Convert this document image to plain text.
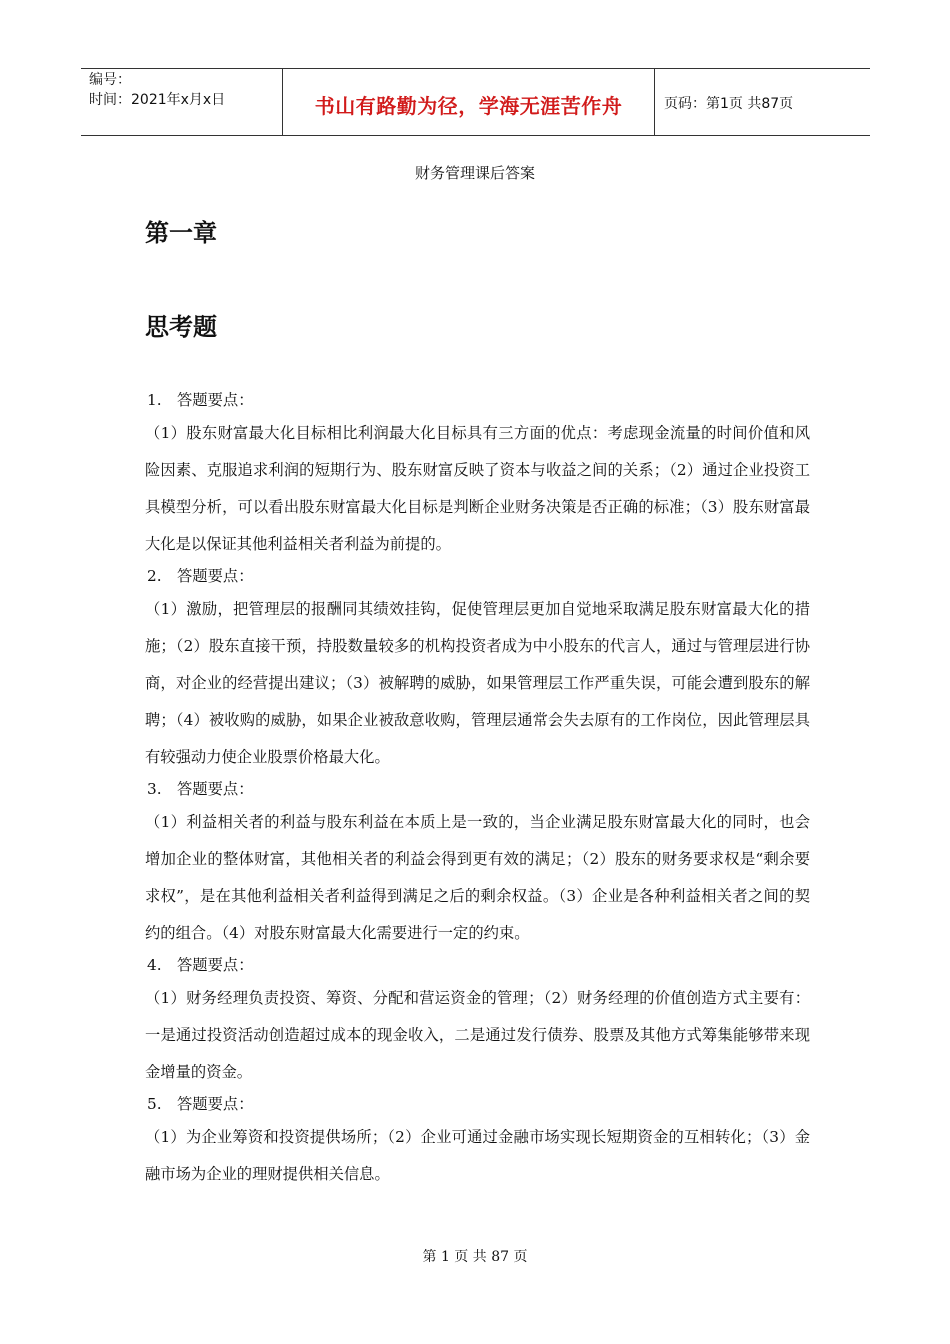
编号：
时间：2021年x月x日	书山有路勤为径，学海无涯苦作舟	页码：第1页 共87页
财务管理课后答案
第一章
思考题
1. 答题要点：
（1）股东财富最大化目标相比利润最大化目标具有三方面的优点：考虑现金流量的时间价值和风险因素、克服追求利润的短期行为、股东财富反映了资本与收益之间的关系；（2）通过企业投资工具模型分析，可以看出股东财富最大化目标是判断企业财务决策是否正确的标准；（3）股东财富最大化是以保证其他利益相关者利益为前提的。
2. 答题要点：
（1）激励，把管理层的报酬同其绩效挂钩，促使管理层更加自觉地采取满足股东财富最大化的措施；（2）股东直接干预，持股数量较多的机构投资者成为中小股东的代言人，通过与管理层进行协商，对企业的经营提出建议；（3）被解聘的威胁，如果管理层工作严重失误，可能会遭到股东的解聘；（4）被收购的威胁，如果企业被敌意收购，管理层通常会失去原有的工作岗位，因此管理层具有较强动力使企业股票价格最大化。
3. 答题要点：
（1）利益相关者的利益与股东利益在本质上是一致的，当企业满足股东财富最大化的同时，也会增加企业的整体财富，其他相关者的利益会得到更有效的满足；（2）股东的财务要求权是“剩余要求权”，是在其他利益相关者利益得到满足之后的剩余权益。（3）企业是各种利益相关者之间的契约的组合。（4）对股东财富最大化需要进行一定的约束。
4. 答题要点：
（1）财务经理负责投资、筹资、分配和营运资金的管理；（2）财务经理的价值创造方式主要有：一是通过投资活动创造超过成本的现金收入，二是通过发行债券、股票及其他方式筹集能够带来现金增量的资金。
5. 答题要点：
（1）为企业筹资和投资提供场所；（2）企业可通过金融市场实现长短期资金的互相转化；（3）金融市场为企业的理财提供相关信息。
第 1 页 共 87 页
